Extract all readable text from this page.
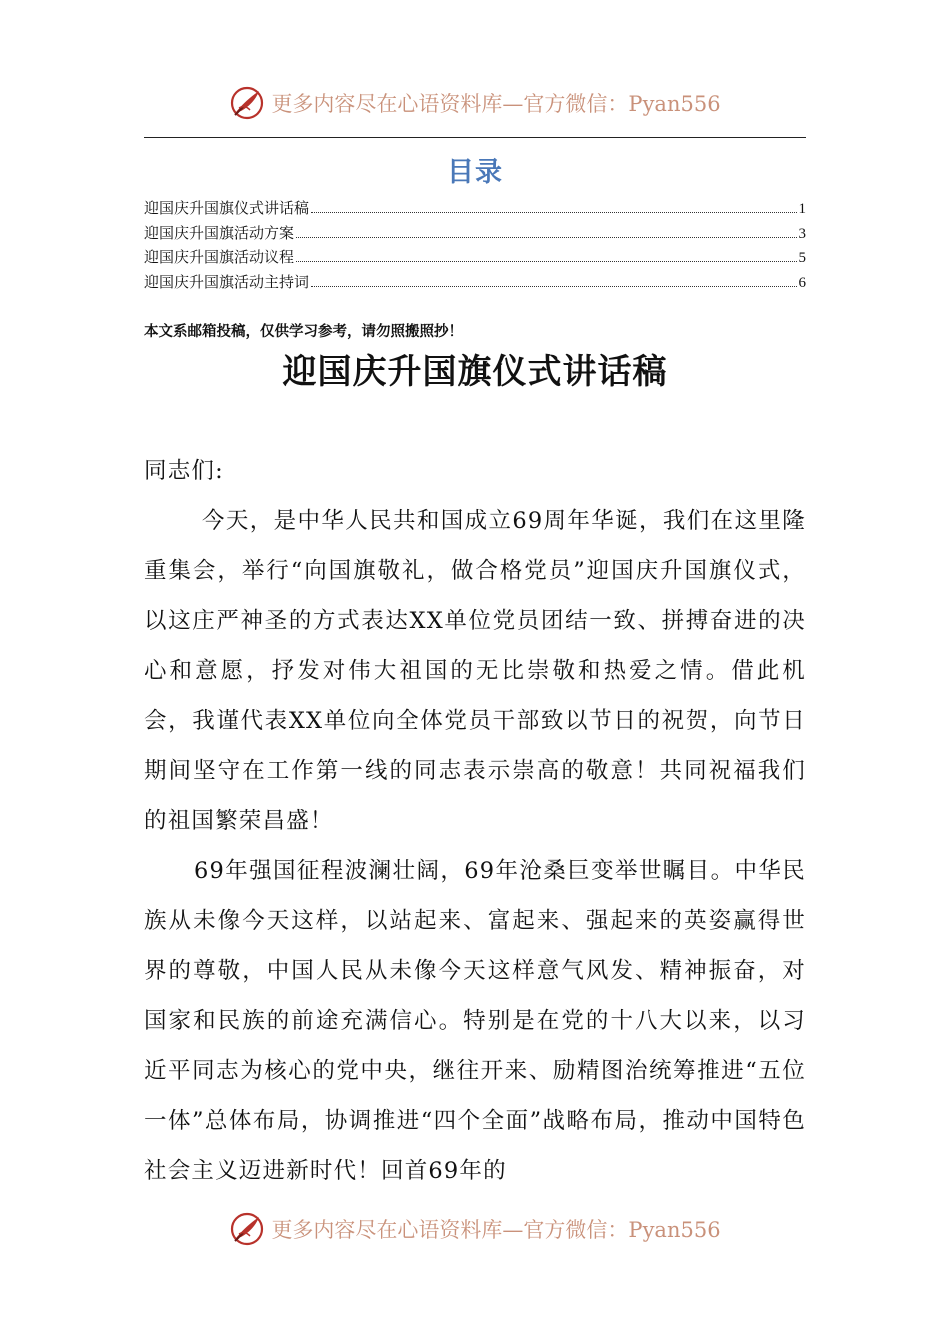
更多内容尽在心语资料库—官方微信：Pyan556
目录
迎国庆升国旗仪式讲话稿	1
迎国庆升国旗活动方案	3
迎国庆升国旗活动议程	5
迎国庆升国旗活动主持词	6
本文系邮箱投稿，仅供学习参考，请勿照搬照抄！
迎国庆升国旗仪式讲话稿

同志们:

今天，是中华人民共和国成立69周年华诞，我们在这里隆重集会，举行“向国旗敬礼，做合格党员”迎国庆升国旗仪式，以这庄严神圣的方式表达XX单位党员团结一致、拼搏奋进的决心和意愿，抒发对伟大祖国的无比崇敬和热爱之情。借此机会，我谨代表XX单位向全体党员干部致以节日的祝贺，向节日期间坚守在工作第一线的同志表示崇高的敬意！共同祝福我们的祖国繁荣昌盛！

69年强国征程波澜壮阔，69年沧桑巨变举世瞩目。中华民族从未像今天这样，以站起来、富起来、强起来的英姿赢得世界的尊敬，中国人民从未像今天这样意气风发、精神振奋，对国家和民族的前途充满信心。特别是在党的十八大以来，以习近平同志为核心的党中央，继往开来、励精图治统筹推进“五位一体”总体布局，协调推进“四个全面”战略布局，推动中国特色社会主义迈进新时代！回首69年的

更多内容尽在心语资料库—官方微信：Pyan556
